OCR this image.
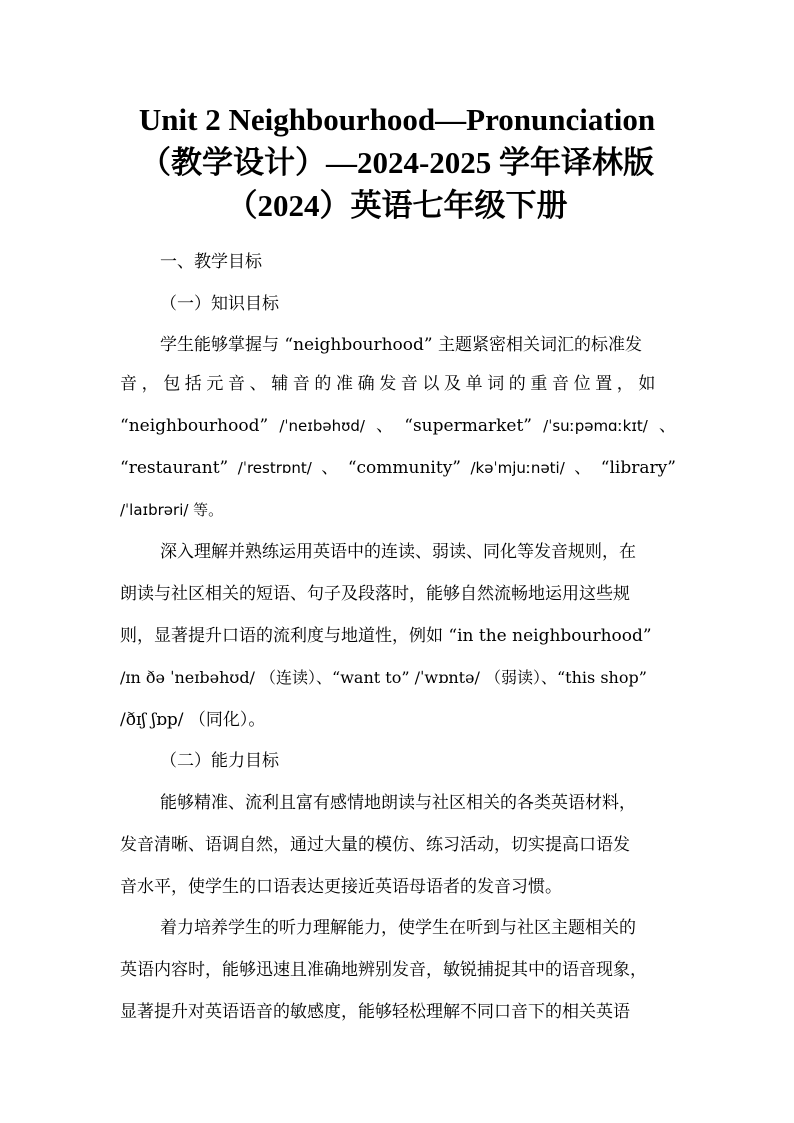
Unit 2 Neighbourhood—Pronunciation
（教学设计）—2024-2025 学年译林版
（2024）英语七年级下册
一、教学目标
（一）知识目标
学生能够掌握与 “neighbourhood” 主题紧密相关词汇的标准发
音，包括元音、辅音的准确发音以及单词的重音位置，如
“neighbourhood” /ˈneɪbəhʊd/ 、 “supermarket” /ˈsuːpəmɑːkɪt/ 、
“restaurant” /ˈrestrɒnt/ 、 “community” /kəˈmjuːnəti/ 、 “library”
/ˈlaɪbrəri/ 等。
深入理解并熟练运用英语中的连读、弱读、同化等发音规则，在
朗读与社区相关的短语、句子及段落时，能够自然流畅地运用这些规
则，显著提升口语的流利度与地道性，例如 “in the neighbourhood”
/ɪn ðə ˈneɪbəhʊd/ （连读）、“want to” /ˈwɒntə/ （弱读）、“this shop”
/ðɪʃ ʃɒp/ （同化）。
（二）能力目标
能够精准、流利且富有感情地朗读与社区相关的各类英语材料，
发音清晰、语调自然，通过大量的模仿、练习活动，切实提高口语发
音水平，使学生的口语表达更接近英语母语者的发音习惯。
着力培养学生的听力理解能力，使学生在听到与社区主题相关的
英语内容时，能够迅速且准确地辨别发音，敏锐捕捉其中的语音现象，
显著提升对英语语音的敏感度，能够轻松理解不同口音下的相关英语
